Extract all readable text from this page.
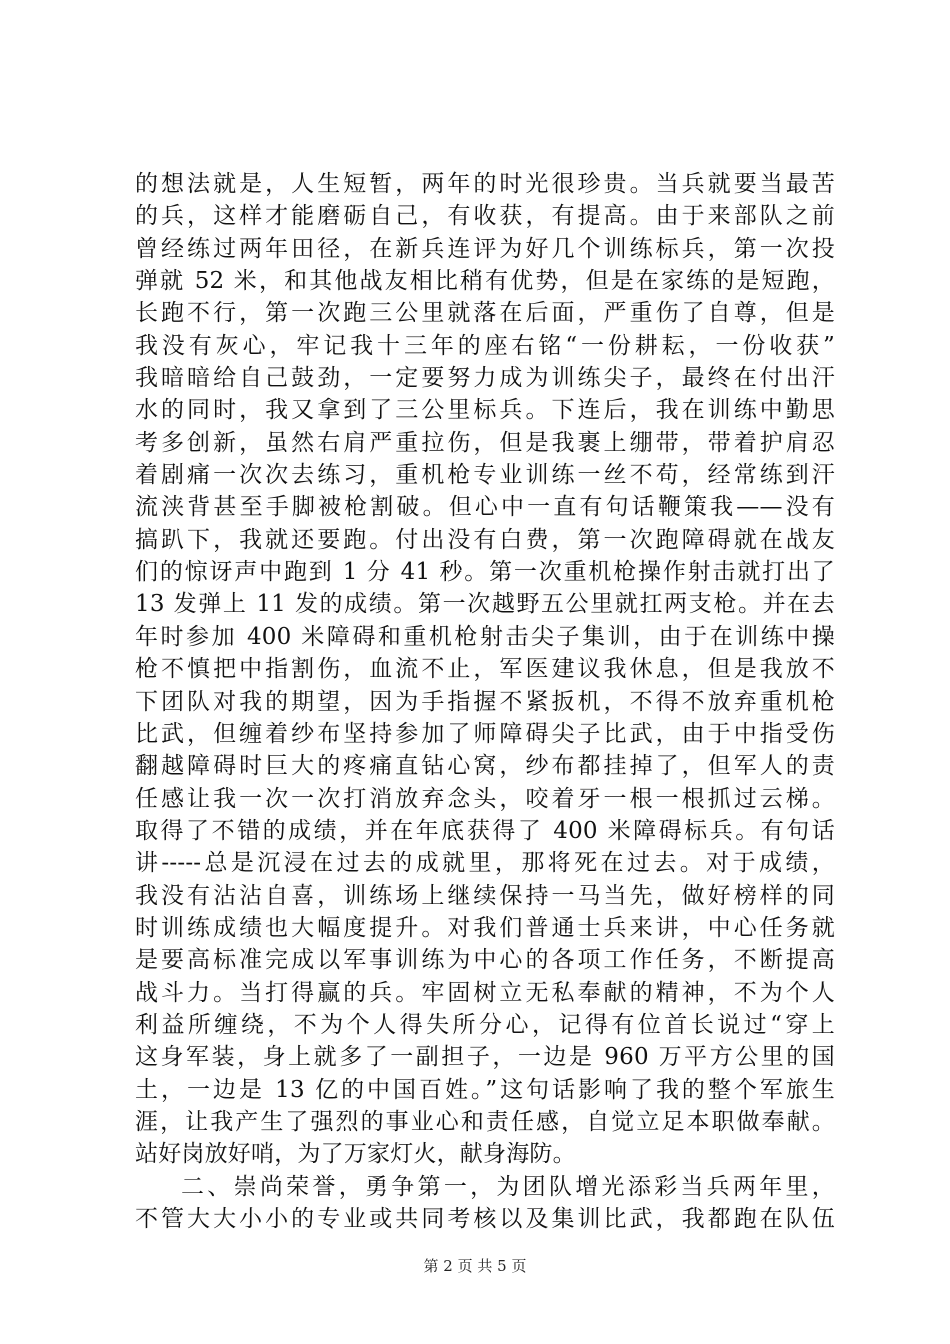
的想法就是，人生短暂，两年的时光很珍贵。当兵就要当最苦
的兵，这样才能磨砺自己，有收获，有提高。由于来部队之前
曾经练过两年田径，在新兵连评为好几个训练标兵，第一次投
弹就 52 米，和其他战友相比稍有优势，但是在家练的是短跑，
长跑不行，第一次跑三公里就落在后面，严重伤了自尊，但是
我没有灰心，牢记我十三年的座右铭“一份耕耘，一份收获”
我暗暗给自己鼓劲，一定要努力成为训练尖子，最终在付出汗
水的同时，我又拿到了三公里标兵。下连后，我在训练中勤思
考多创新，虽然右肩严重拉伤，但是我裹上绷带，带着护肩忍
着剧痛一次次去练习，重机枪专业训练一丝不苟，经常练到汗
流浃背甚至手脚被枪割破。但心中一直有句话鞭策我——没有
搞趴下，我就还要跑。付出没有白费，第一次跑障碍就在战友
们的惊讶声中跑到 1 分 41 秒。第一次重机枪操作射击就打出了
13 发弹上 11 发的成绩。第一次越野五公里就扛两支枪。并在去
年时参加 400 米障碍和重机枪射击尖子集训，由于在训练中操
枪不慎把中指割伤，血流不止，军医建议我休息，但是我放不
下团队对我的期望，因为手指握不紧扳机，不得不放弃重机枪
比武，但缠着纱布坚持参加了师障碍尖子比武，由于中指受伤
翻越障碍时巨大的疼痛直钻心窝，纱布都挂掉了，但军人的责
任感让我一次一次打消放弃念头，咬着牙一根一根抓过云梯。
取得了不错的成绩，并在年底获得了 400 米障碍标兵。有句话
讲-----总是沉浸在过去的成就里，那将死在过去。对于成绩，
我没有沾沾自喜，训练场上继续保持一马当先，做好榜样的同
时训练成绩也大幅度提升。对我们普通士兵来讲，中心任务就
是要高标准完成以军事训练为中心的各项工作任务，不断提高
战斗力。当打得赢的兵。牢固树立无私奉献的精神，不为个人
利益所缠绕，不为个人得失所分心，记得有位首长说过“穿上
这身军装，身上就多了一副担子，一边是 960 万平方公里的国
土，一边是 13 亿的中国百姓。”这句话影响了我的整个军旅生
涯，让我产生了强烈的事业心和责任感，自觉立足本职做奉献。
站好岗放好哨，为了万家灯火，献身海防。
二、崇尚荣誉，勇争第一，为团队增光添彩当兵两年里，
不管大大小小的专业或共同考核以及集训比武，我都跑在队伍
第 2 页 共 5 页
